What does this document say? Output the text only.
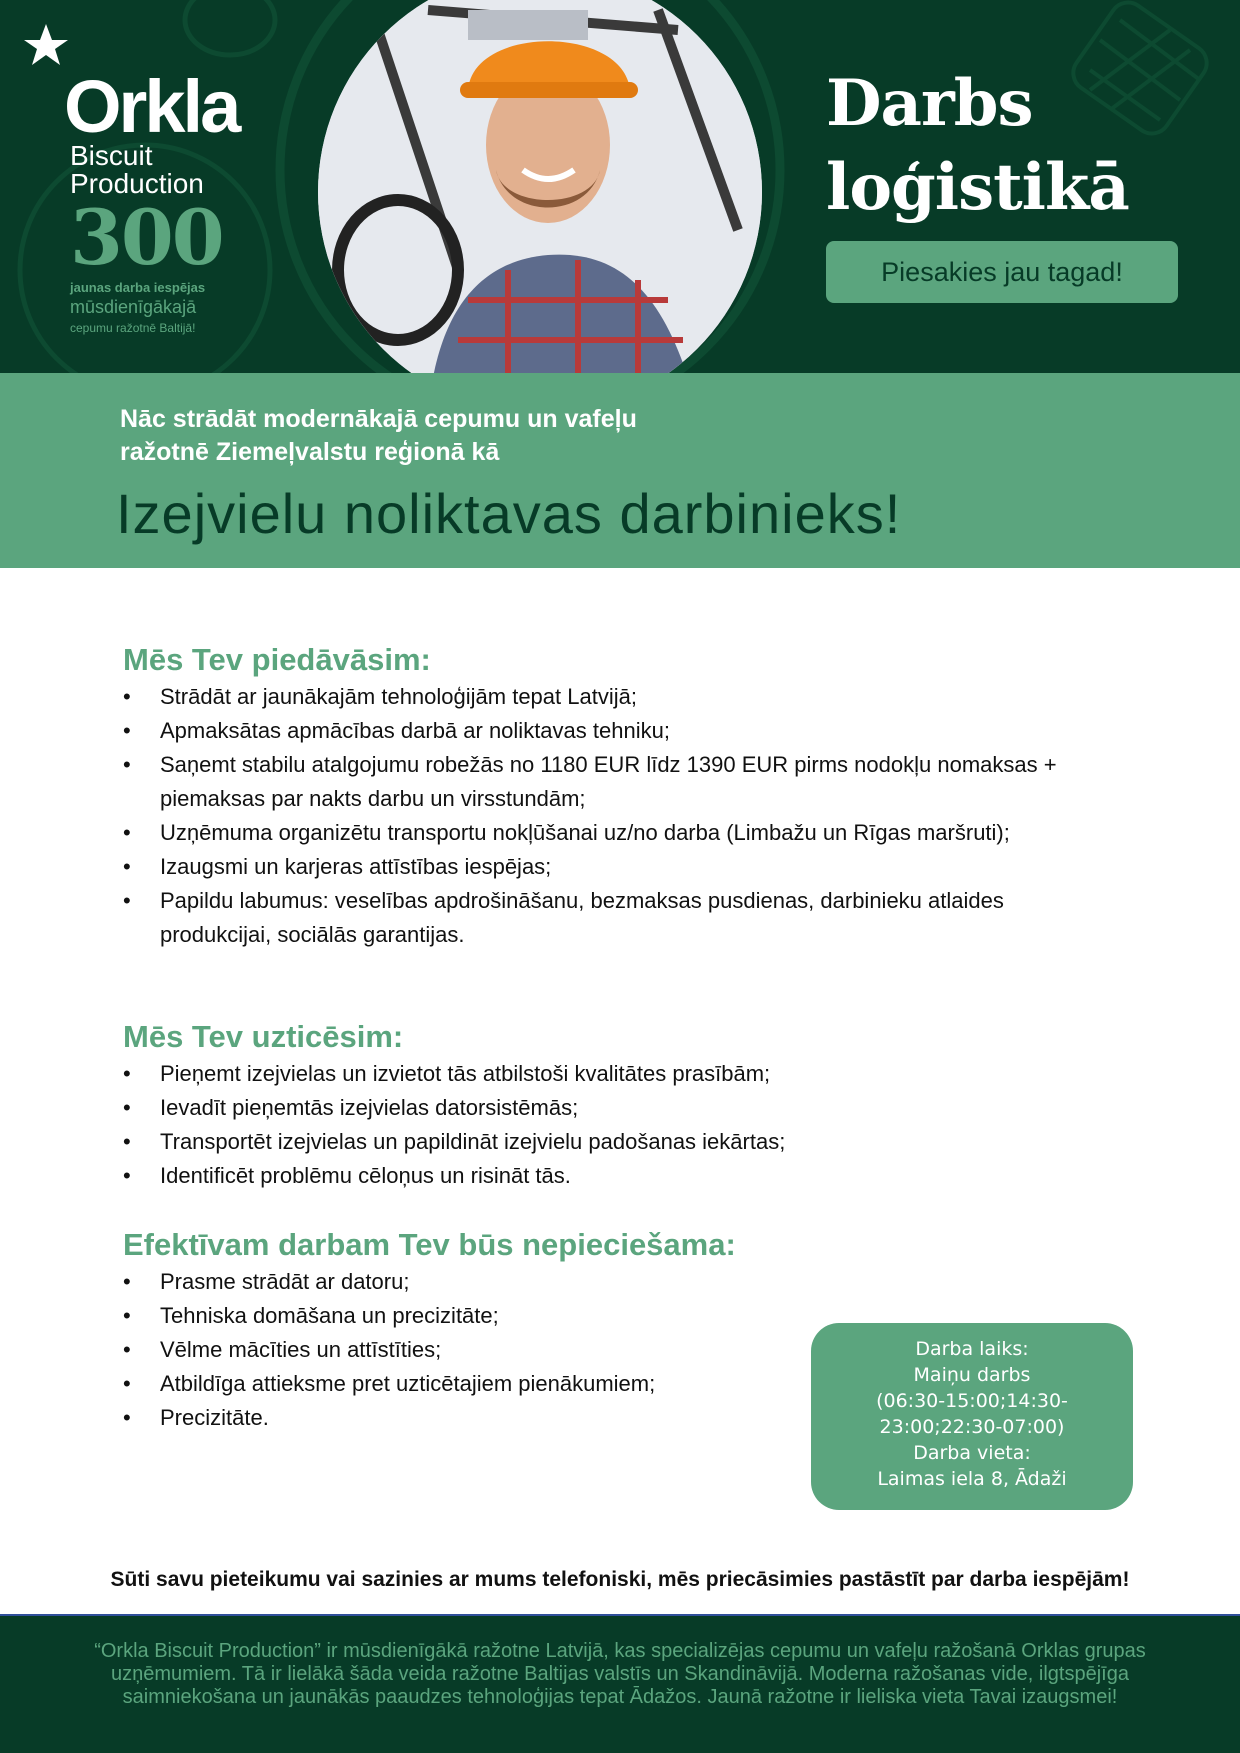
Orkla
Biscuit
Production
300
jaunas darba iespējas
mūsdienīgākajā
cepumu ražotnē Baltijā!
Darbs
loģistikā
Piesakies jau tagad!
Nāc strādāt modernākajā cepumu un vafeļu
ražotnē Ziemeļvalstu reģionā kā
Izejvielu noliktavas darbinieks!
Mēs Tev piedāvāsim:
• Strādāt ar jaunākajām tehnoloģijām tepat Latvijā;
• Apmaksātas apmācības darbā ar noliktavas tehniku;
• Saņemt stabilu atalgojumu robežās no 1180 EUR līdz 1390 EUR pirms nodokļu nomaksas + piemaksas par nakts darbu un virsstundām;
• Uzņēmuma organizētu transportu nokļūšanai uz/no darba (Limbažu un Rīgas maršruti);
• Izaugsmi un karjeras attīstības iespējas;
• Papildu labumus: veselības apdrošināšanu, bezmaksas pusdienas, darbinieku atlaides produkcijai, sociālās garantijas.
Mēs Tev uzticēsim:
• Pieņemt izejvielas un izvietot tās atbilstoši kvalitātes prasībām;
• Ievadīt pieņemtās izejvielas datorsistēmās;
• Transportēt izejvielas un papildināt izejvielu padošanas iekārtas;
• Identificēt problēmu cēloņus un risināt tās.
Efektīvam darbam Tev būs nepieciešama:
• Prasme strādāt ar datoru;
• Tehniska domāšana un precizitāte;
• Vēlme mācīties un attīstīties;
• Atbildīga attieksme pret uzticētajiem pienākumiem;
• Precizitāte.
Darba laiks:
Maiņu darbs
(06:30-15:00;14:30-
23:00;22:30-07:00)
Darba vieta:
Laimas iela 8, Ādaži
Sūti savu pieteikumu vai sazinies ar mums telefoniski, mēs priecāsimies pastāstīt par darba iespējām!
“Orkla Biscuit Production” ir mūsdienīgākā ražotne Latvijā, kas specializējas cepumu un vafeļu ražošanā Orklas grupas uzņēmumiem. Tā ir lielākā šāda veida ražotne Baltijas valstīs un Skandināvijā. Moderna ražošanas vide, ilgtspējīga saimniekošana un jaunākās paaudzes tehnoloģijas tepat Ādažos. Jaunā ražotne ir lieliska vieta Tavai izaugsmei!
